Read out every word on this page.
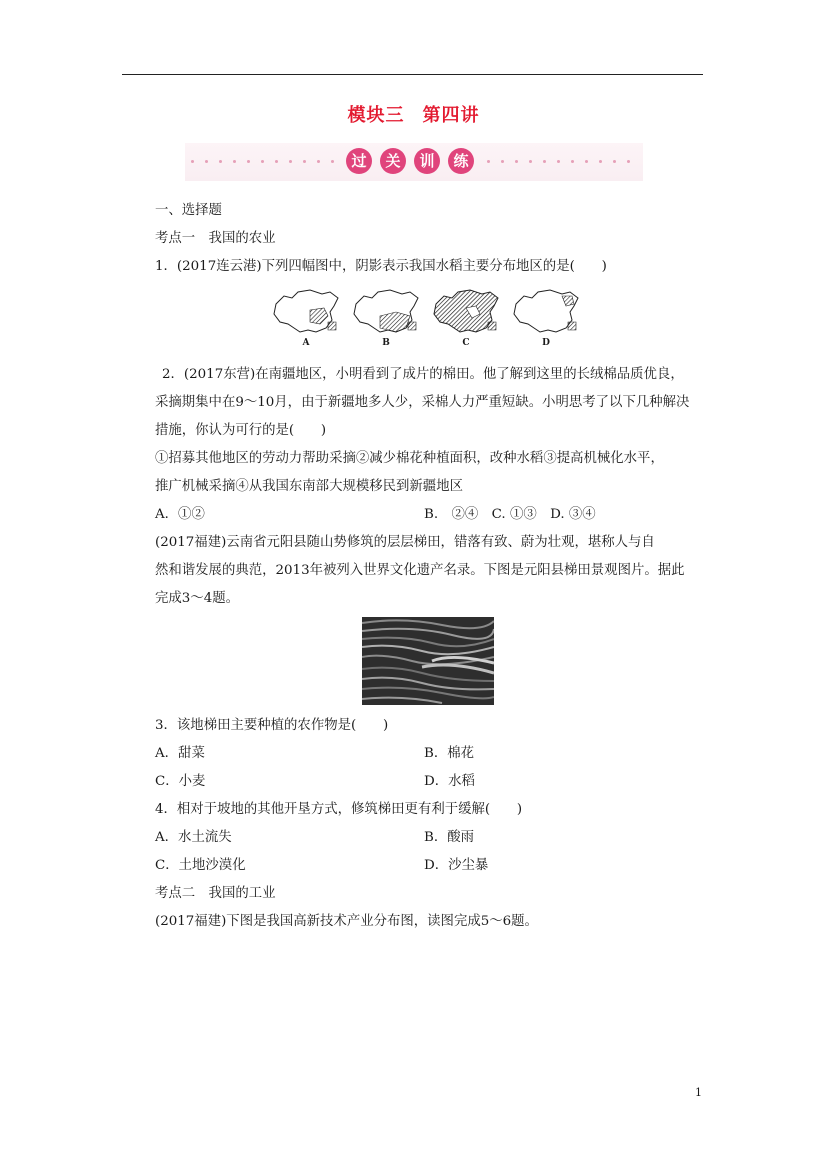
模块三 第四讲
过	关	训	练
一、选择题
考点一　我国的农业
1．(2017连云港)下列四幅图中，阴影表示我国水稻主要分布地区的是(　　)
A	B	C	D
2．(2017东营)在南疆地区，小明看到了成片的棉田。他了解到这里的长绒棉品质优良，
采摘期集中在9～10月，由于新疆地多人少，采棉人力严重短缺。小明思考了以下几种解决
措施，你认为可行的是(　　)
①招募其他地区的劳动力帮助采摘②减少棉花种植面积，改种水稻③提高机械化水平，
推广机械采摘④从我国东南部大规模移民到新疆地区
A．①②	B.　②④　C. ①③　D. ③④
(2017福建)云南省元阳县随山势修筑的层层梯田，错落有致、蔚为壮观，堪称人与自
然和谐发展的典范，2013年被列入世界文化遗产名录。下图是元阳县梯田景观图片。据此
完成3～4题。
3．该地梯田主要种植的农作物是(　　)
A．甜菜	B．棉花
C．小麦	D．水稻
4．相对于坡地的其他开垦方式，修筑梯田更有利于缓解(　　)
A．水土流失	B．酸雨
C．土地沙漠化	D．沙尘暴
考点二　我国的工业
(2017福建)下图是我国高新技术产业分布图，读图完成5～6题。
1
